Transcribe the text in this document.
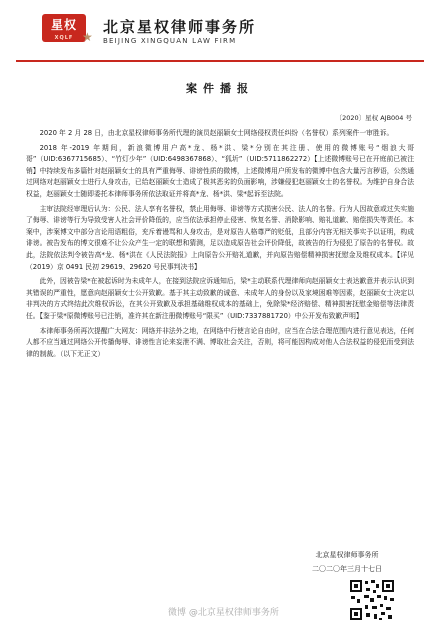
星权
XQLF ★
北京星权律师事务所
BEIJING XINGQUAN LAW FIRM
案件播报
〔2020〕星权 AJB004 号

2020 年 2 月 28 日，由北京星权律师事务所代理的演员赵丽颖女士网络侵权责任纠纷（名誉权）系列案件一审胜诉。

2018 年-2019 年期间，新浪微博用户高*龙、杨*洪、梁*分别在其注册、使用的微博账号“烟浪大哥哥”（UID:6367715685）、“竹灯少年”（UID:6498367868）、“狐圻”（UID:5711862272）【上述微博账号已在开庭前已被注销】中持续发布多篇针对赵丽颖女士的具有严重侮辱、诽谤性质的微博，上述微博用户所发布的微博中包含大量污言秽语，公然通过网络对赵丽颖女士进行人身攻击，已给赵丽颖女士造成了极其恶劣的负面影响，涉嫌侵犯赵丽颖女士的名誉权。为维护自身合法权益，赵丽颖女士随即委托本律师事务所依法取证并将高*龙、杨*洪、梁*起诉至法院。

主审法院经审理后认为：公民、法人享有名誉权，禁止用侮辱、诽谤等方式损害公民、法人的名誉。行为人因故意或过失实施了侮辱、诽谤等行为导致受害人社会评价降低的，应当依法承担停止侵害、恢复名誉、消除影响、赔礼道歉、赔偿损失等责任。本案中，涉案博文中部分言论用语粗俗，充斥着谩骂和人身攻击，是对原告人格尊严的贬低，且部分内容无相关事实予以证明，构成诽谤。被告发布的博文很难不让公众产生一定的联想和猜测，足以造成原告社会评价降低，故被告的行为侵犯了原告的名誉权。故此，法院依法判令被告高*龙、杨*洪在《人民法院报》上向原告公开赔礼道歉，并向原告赔偿精神损害抚慰金及维权成本。【详见（2019）京 0491 民初 29619、29620 号民事判决书】

此外，因被告梁*在被起诉时为未成年人，在接到法院应诉通知后，梁*主动联系代理律师向赵丽颖女士表达歉意并表示认识到其错误的严重性，愿意向赵丽颖女士公开致歉。基于其主动致歉的诚意、未成年人的身份以及家境困难等因素，赵丽颖女士决定以非判决的方式终结此次维权诉讼，在其公开致歉及承担基础维权成本的基础上，免除梁*经济赔偿、精神损害抚慰金赔偿等法律责任。【鉴于梁*原微博账号已注销，准许其在新注册微博账号“限买”（UID:7337881720）中公开发布致歉声明】

本律师事务所再次提醒广大网友：网络并非法外之地，在网络中行使言论自由时，应当在合法合理范围内进行意见表达，任何人都不应当通过网络公开传播侮辱、诽谤性言论来妄泄不满、博取社会关注，否则，将可能因构成对他人合法权益的侵犯而受到法律的制裁。（以下无正文）

北京星权律师事务所
二〇二〇年三月十七日
微博 @北京星权律师事务所
